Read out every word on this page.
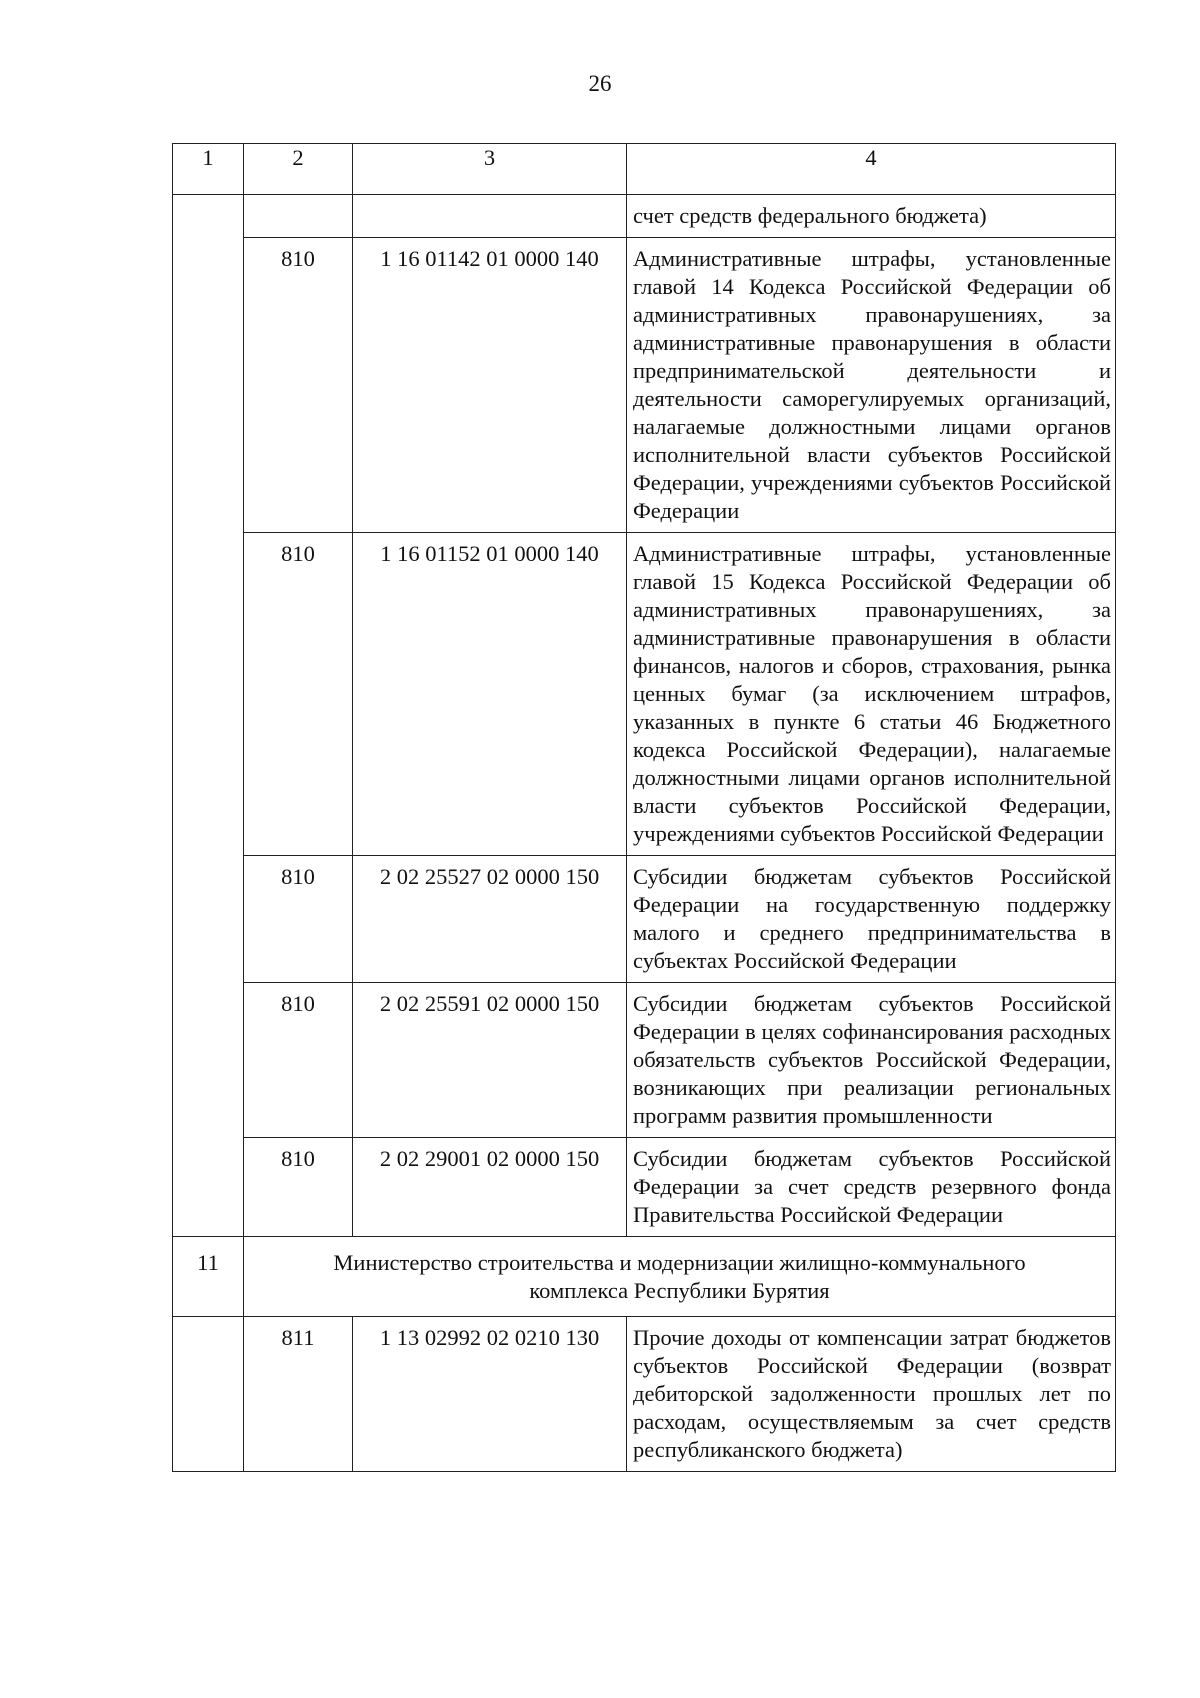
26
1	2	3	4
			счет средств федерального бюджета)
	810	1 16 01142 01 0000 140	Административные штрафы, установленные главой 14 Кодекса Российской Федерации об административных правонарушениях, за административные правонарушения в области предпринимательской деятельности и деятельности саморегулируемых организаций, налагаемые должностными лицами органов исполнительной власти субъектов Российской Федерации, учреждениями субъектов Российской Федерации
	810	1 16 01152 01 0000 140	Административные штрафы, установленные главой 15 Кодекса Российской Федерации об административных правонарушениях, за административные правонарушения в области финансов, налогов и сборов, страхования, рынка ценных бумаг (за исключением штрафов, указанных в пункте 6 статьи 46 Бюджетного кодекса Российской Федерации), налагаемые должностными лицами органов исполнительной власти субъектов Российской Федерации, учреждениями субъектов Российской Федерации
	810	2 02 25527 02 0000 150	Субсидии бюджетам субъектов Российской Федерации на государственную поддержку малого и среднего предпринимательства в субъектах Российской Федерации
	810	2 02 25591 02 0000 150	Субсидии бюджетам субъектов Российской Федерации в целях софинансирования расходных обязательств субъектов Российской Федерации, возникающих при реализации региональных программ развития промышленности
	810	2 02 29001 02 0000 150	Субсидии бюджетам субъектов Российской Федерации за счет средств резервного фонда Правительства Российской Федерации
11	Министерство строительства и модернизации жилищно-коммунального
комплекса Республики Бурятия		
	811	1 13 02992 02 0210 130	Прочие доходы от компенсации затрат бюджетов субъектов Российской Федерации (возврат дебиторской задолженности прошлых лет по расходам, осуществляемым за счет средств республиканского бюджета)
